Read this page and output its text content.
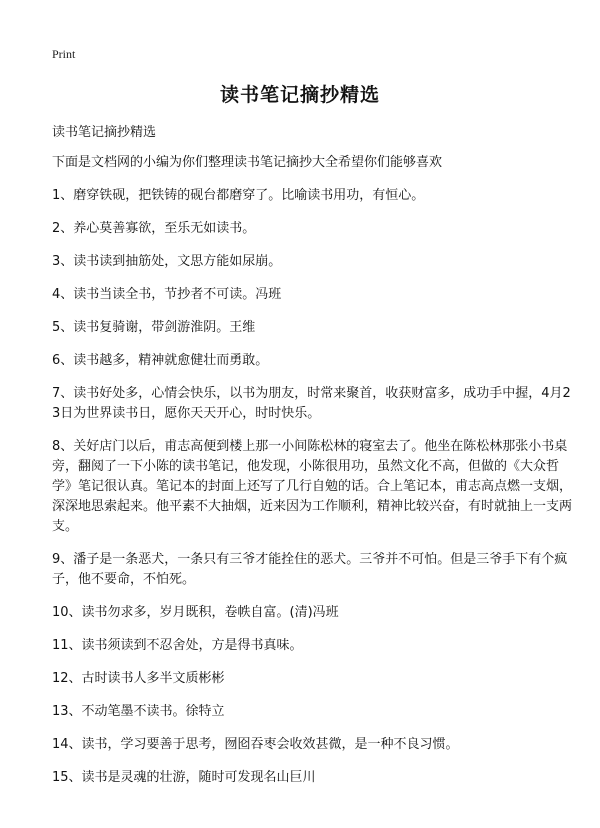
Print
读书笔记摘抄精选

读书笔记摘抄精选

下面是文档网的小编为你们整理读书笔记摘抄大全希望你们能够喜欢

1、磨穿铁砚，把铁铸的砚台都磨穿了。比喻读书用功，有恒心。

2、养心莫善寡欲，至乐无如读书。

3、读书读到抽筋处，文思方能如尿崩。

4、读书当读全书，节抄者不可读。冯班

5、读书复骑谢，带剑游淮阴。王维

6、读书越多，精神就愈健壮而勇敢。

7、读书好处多，心情会快乐，以书为朋友，时常来聚首，收获财富多，成功手中握，4月23日为世界读书日，愿你天天开心，时时快乐。

8、关好店门以后，甫志高便到楼上那一小间陈松林的寝室去了。他坐在陈松林那张小书桌旁，翻阅了一下小陈的读书笔记，他发现，小陈很用功，虽然文化不高，但做的《大众哲学》笔记很认真。笔记本的封面上还写了几行自勉的话。合上笔记本，甫志高点燃一支烟，深深地思索起来。他平素不大抽烟，近来因为工作顺利，精神比较兴奋，有时就抽上一支两支。

9、潘子是一条恶犬，一条只有三爷才能拴住的恶犬。三爷并不可怕。但是三爷手下有个疯子，他不要命，不怕死。

10、读书勿求多，岁月既积，卷帙自富。(清)冯班

11、读书须读到不忍舍处，方是得书真味。

12、古时读书人多半文质彬彬

13、不动笔墨不读书。徐特立

14、读书，学习要善于思考，囫囵吞枣会收效甚微，是一种不良习惯。

15、读书是灵魂的壮游，随时可发现名山巨川
